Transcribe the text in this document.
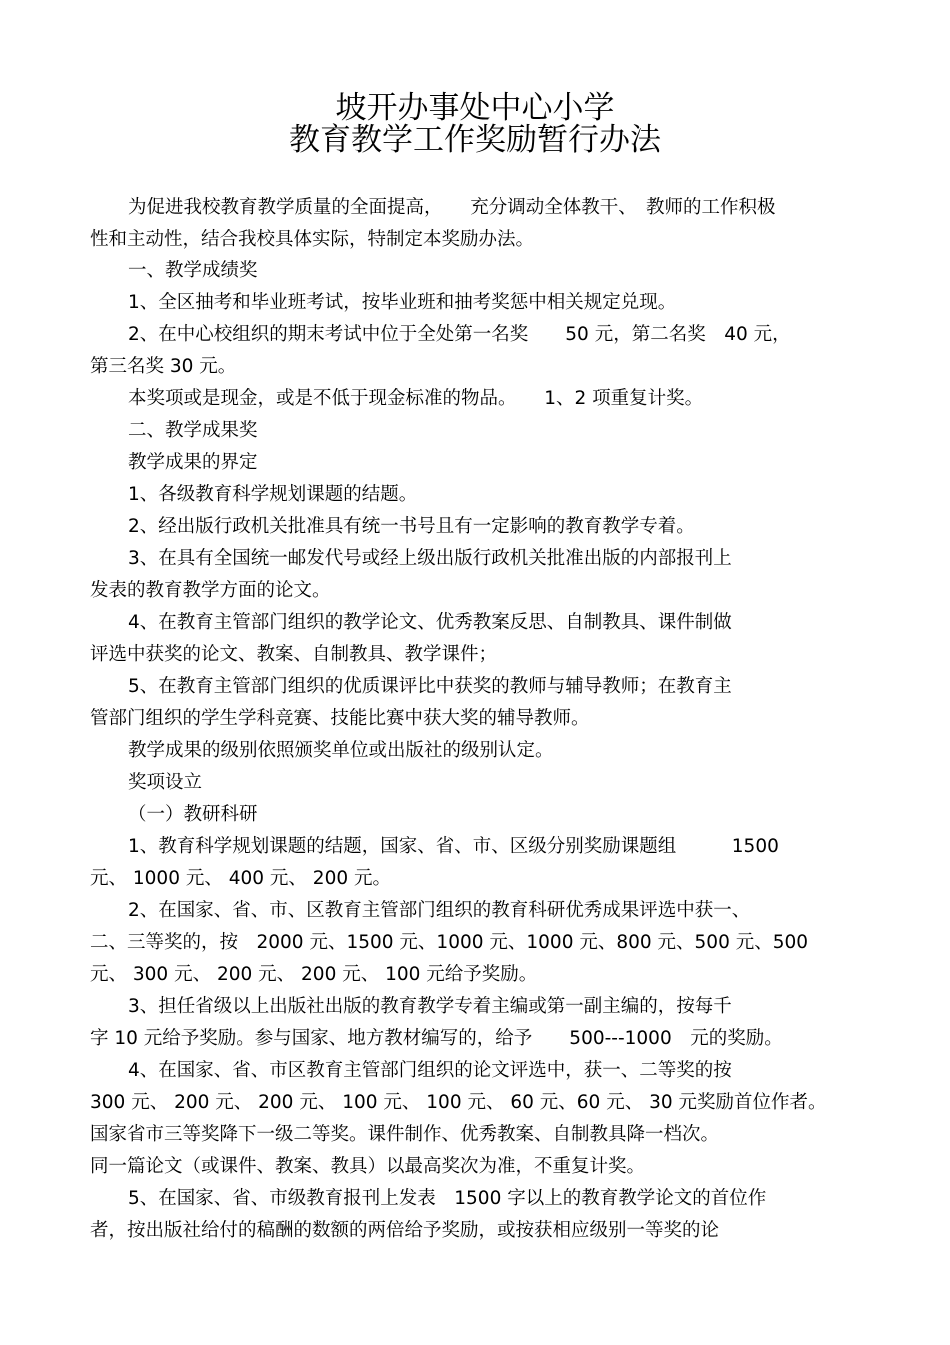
坡开办事处中心小学
教育教学工作奖励暂行办法
为促进我校教育教学质量的全面提高，　　充分调动全体教干、　教师的工作积极
性和主动性，结合我校具体实际，特制定本奖励办法。
一、教学成绩奖
1、全区抽考和毕业班考试，按毕业班和抽考奖惩中相关规定兑现。
2、在中心校组织的期末考试中位于全处第一名奖　　50 元，第二名奖　40 元，
第三名奖 30 元。
本奖项或是现金，或是不低于现金标准的物品。　　1、2 项重复计奖。
二、教学成果奖
教学成果的界定
1、各级教育科学规划课题的结题。
2、经出版行政机关批准具有统一书号且有一定影响的教育教学专着。
3、在具有全国统一邮发代号或经上级出版行政机关批准出版的内部报刊上
发表的教育教学方面的论文。
4、在教育主管部门组织的教学论文、优秀教案反思、自制教具、课件制做
评选中获奖的论文、教案、自制教具、教学课件；
5、在教育主管部门组织的优质课评比中获奖的教师与辅导教师；在教育主
管部门组织的学生学科竞赛、技能比赛中获大奖的辅导教师。
教学成果的级别依照颁奖单位或出版社的级别认定。
奖项设立
（一）教研科研
1、教育科学规划课题的结题，国家、省、市、区级分别奖励课题组　　　1500
元、 1000 元、 400 元、 200 元。
2、在国家、省、市、区教育主管部门组织的教育科研优秀成果评选中获一、
二、三等奖的，按　2000 元、1500 元、1000 元、1000 元、800 元、500 元、500
元、 300 元、 200 元、 200 元、 100 元给予奖励。
3、担任省级以上出版社出版的教育教学专着主编或第一副主编的，按每千
字 10 元给予奖励。参与国家、地方教材编写的，给予　　500---1000　元的奖励。
4、在国家、省、市区教育主管部门组织的论文评选中，获一、二等奖的按
300 元、 200 元、 200 元、 100 元、 100 元、 60 元、60 元、 30 元奖励首位作者。
国家省市三等奖降下一级二等奖。课件制作、优秀教案、自制教具降一档次。
同一篇论文（或课件、教案、教具）以最高奖次为准，不重复计奖。
5、在国家、省、市级教育报刊上发表　1500 字以上的教育教学论文的首位作
者，按出版社给付的稿酬的数额的两倍给予奖励，或按获相应级别一等奖的论
